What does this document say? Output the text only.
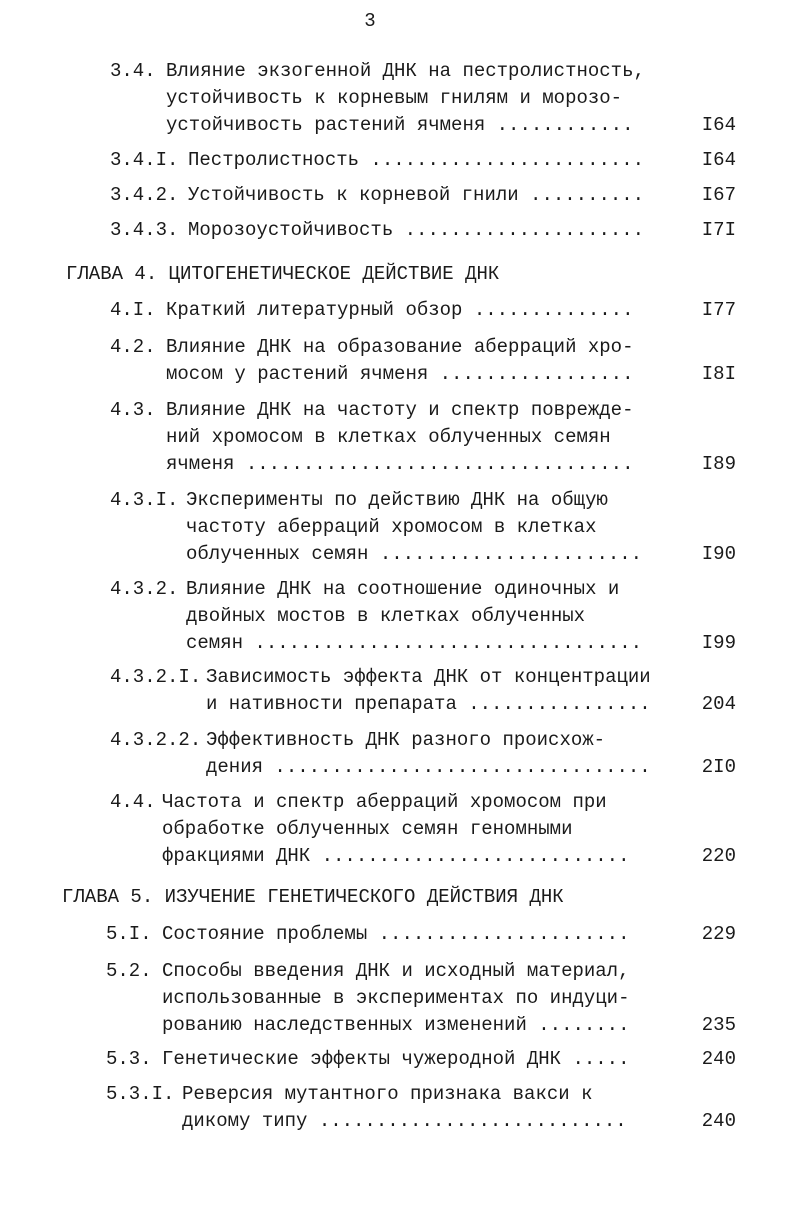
3
3.4. Влияние экзогенной ДНК на пестролистность,
устойчивость к корневым гнилям и морозо-
устойчивость растений ячменя ............	I64
3.4.I. Пестролистность ........................	I64
3.4.2. Устойчивость к корневой гнили ..........	I67
3.4.3. Морозоустойчивость .....................	I7I
ГЛАВА 4. ЦИТОГЕНЕТИЧЕСКОЕ ДЕЙСТВИЕ ДНК
4.I. Краткий литературный обзор ..............	I77
4.2. Влияние ДНК на образование аберраций хро-
мосом у растений ячменя .................	I8I
4.3. Влияние ДНК на частоту и спектр поврежде-
ний хромосом в клетках облученных семян
ячменя ..................................	I89
4.3.I. Эксперименты по действию ДНК на общую
частоту аберраций хромосом в клетках
облученных семян .......................	I90
4.3.2. Влияние ДНК на соотношение одиночных и
двойных мостов в клетках облученных
семян ..................................	I99
4.3.2.I. Зависимость эффекта ДНК от концентрации
и нативности препарата ................	204
4.3.2.2. Эффективность ДНК разного происхож-
дения .................................	2I0
4.4. Частота и спектр аберраций хромосом при
обработке облученных семян геномными
фракциями ДНК ...........................	220
ГЛАВА 5. ИЗУЧЕНИЕ ГЕНЕТИЧЕСКОГО ДЕЙСТВИЯ ДНК
5.I. Состояние проблемы ......................	229
5.2. Способы введения ДНК и исходный материал,
использованные в экспериментах по индуци-
рованию наследственных изменений ........	235
5.3. Генетические эффекты чужеродной ДНК .....	240
5.3.I. Реверсия мутантного признака вакси к
дикому типу ...........................	240
